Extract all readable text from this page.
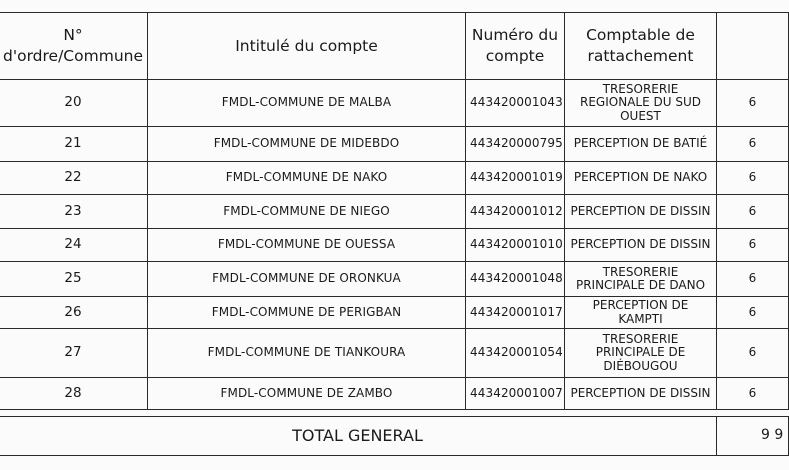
N° d'ordre/Commune	Intitulé du compte	Numéro du compte	Comptable de rattachement	
20	FMDL-COMMUNE DE MALBA	443420001043	TRESORERIE REGIONALE DU SUD OUEST	6
21	FMDL-COMMUNE DE MIDEBDO	443420000795	PERCEPTION DE BATIÉ	6
22	FMDL-COMMUNE DE NAKO	443420001019	PERCEPTION DE NAKO	6
23	FMDL-COMMUNE DE NIEGO	443420001012	PERCEPTION DE DISSIN	6
24	FMDL-COMMUNE DE OUESSA	443420001010	PERCEPTION DE DISSIN	6
25	FMDL-COMMUNE DE ORONKUA	443420001048	TRESORERIE PRINCIPALE DE DANO	6
26	FMDL-COMMUNE DE PERIGBAN	443420001017	PERCEPTION DE KAMPTI	6
27	FMDL-COMMUNE DE TIANKOURA	443420001054	TRESORERIE PRINCIPALE DE DIÉBOUGOU	6
28	FMDL-COMMUNE DE ZAMBO	443420001007	PERCEPTION DE DISSIN	6

TOTAL GENERAL				9 9
